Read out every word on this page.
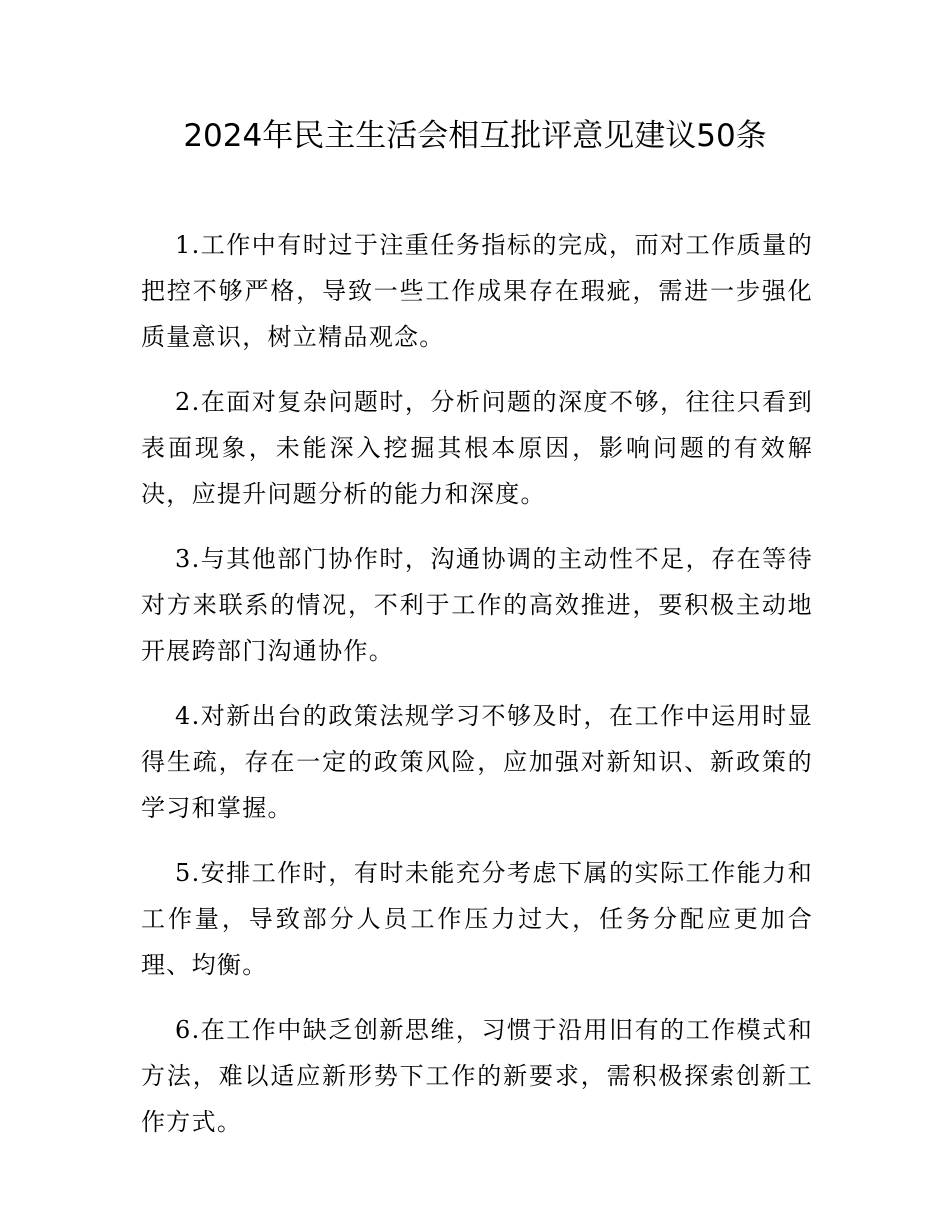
2024年民主生活会相互批评意见建议50条

1.工作中有时过于注重任务指标的完成，而对工作质量的把控不够严格，导致一些工作成果存在瑕疵，需进一步强化质量意识，树立精品观念。

2.在面对复杂问题时，分析问题的深度不够，往往只看到表面现象，未能深入挖掘其根本原因，影响问题的有效解决，应提升问题分析的能力和深度。

3.与其他部门协作时，沟通协调的主动性不足，存在等待对方来联系的情况，不利于工作的高效推进，要积极主动地开展跨部门沟通协作。

4.对新出台的政策法规学习不够及时，在工作中运用时显得生疏，存在一定的政策风险，应加强对新知识、新政策的学习和掌握。

5.安排工作时，有时未能充分考虑下属的实际工作能力和工作量，导致部分人员工作压力过大，任务分配应更加合理、均衡。

6.在工作中缺乏创新思维，习惯于沿用旧有的工作模式和方法，难以适应新形势下工作的新要求，需积极探索创新工作方式。
